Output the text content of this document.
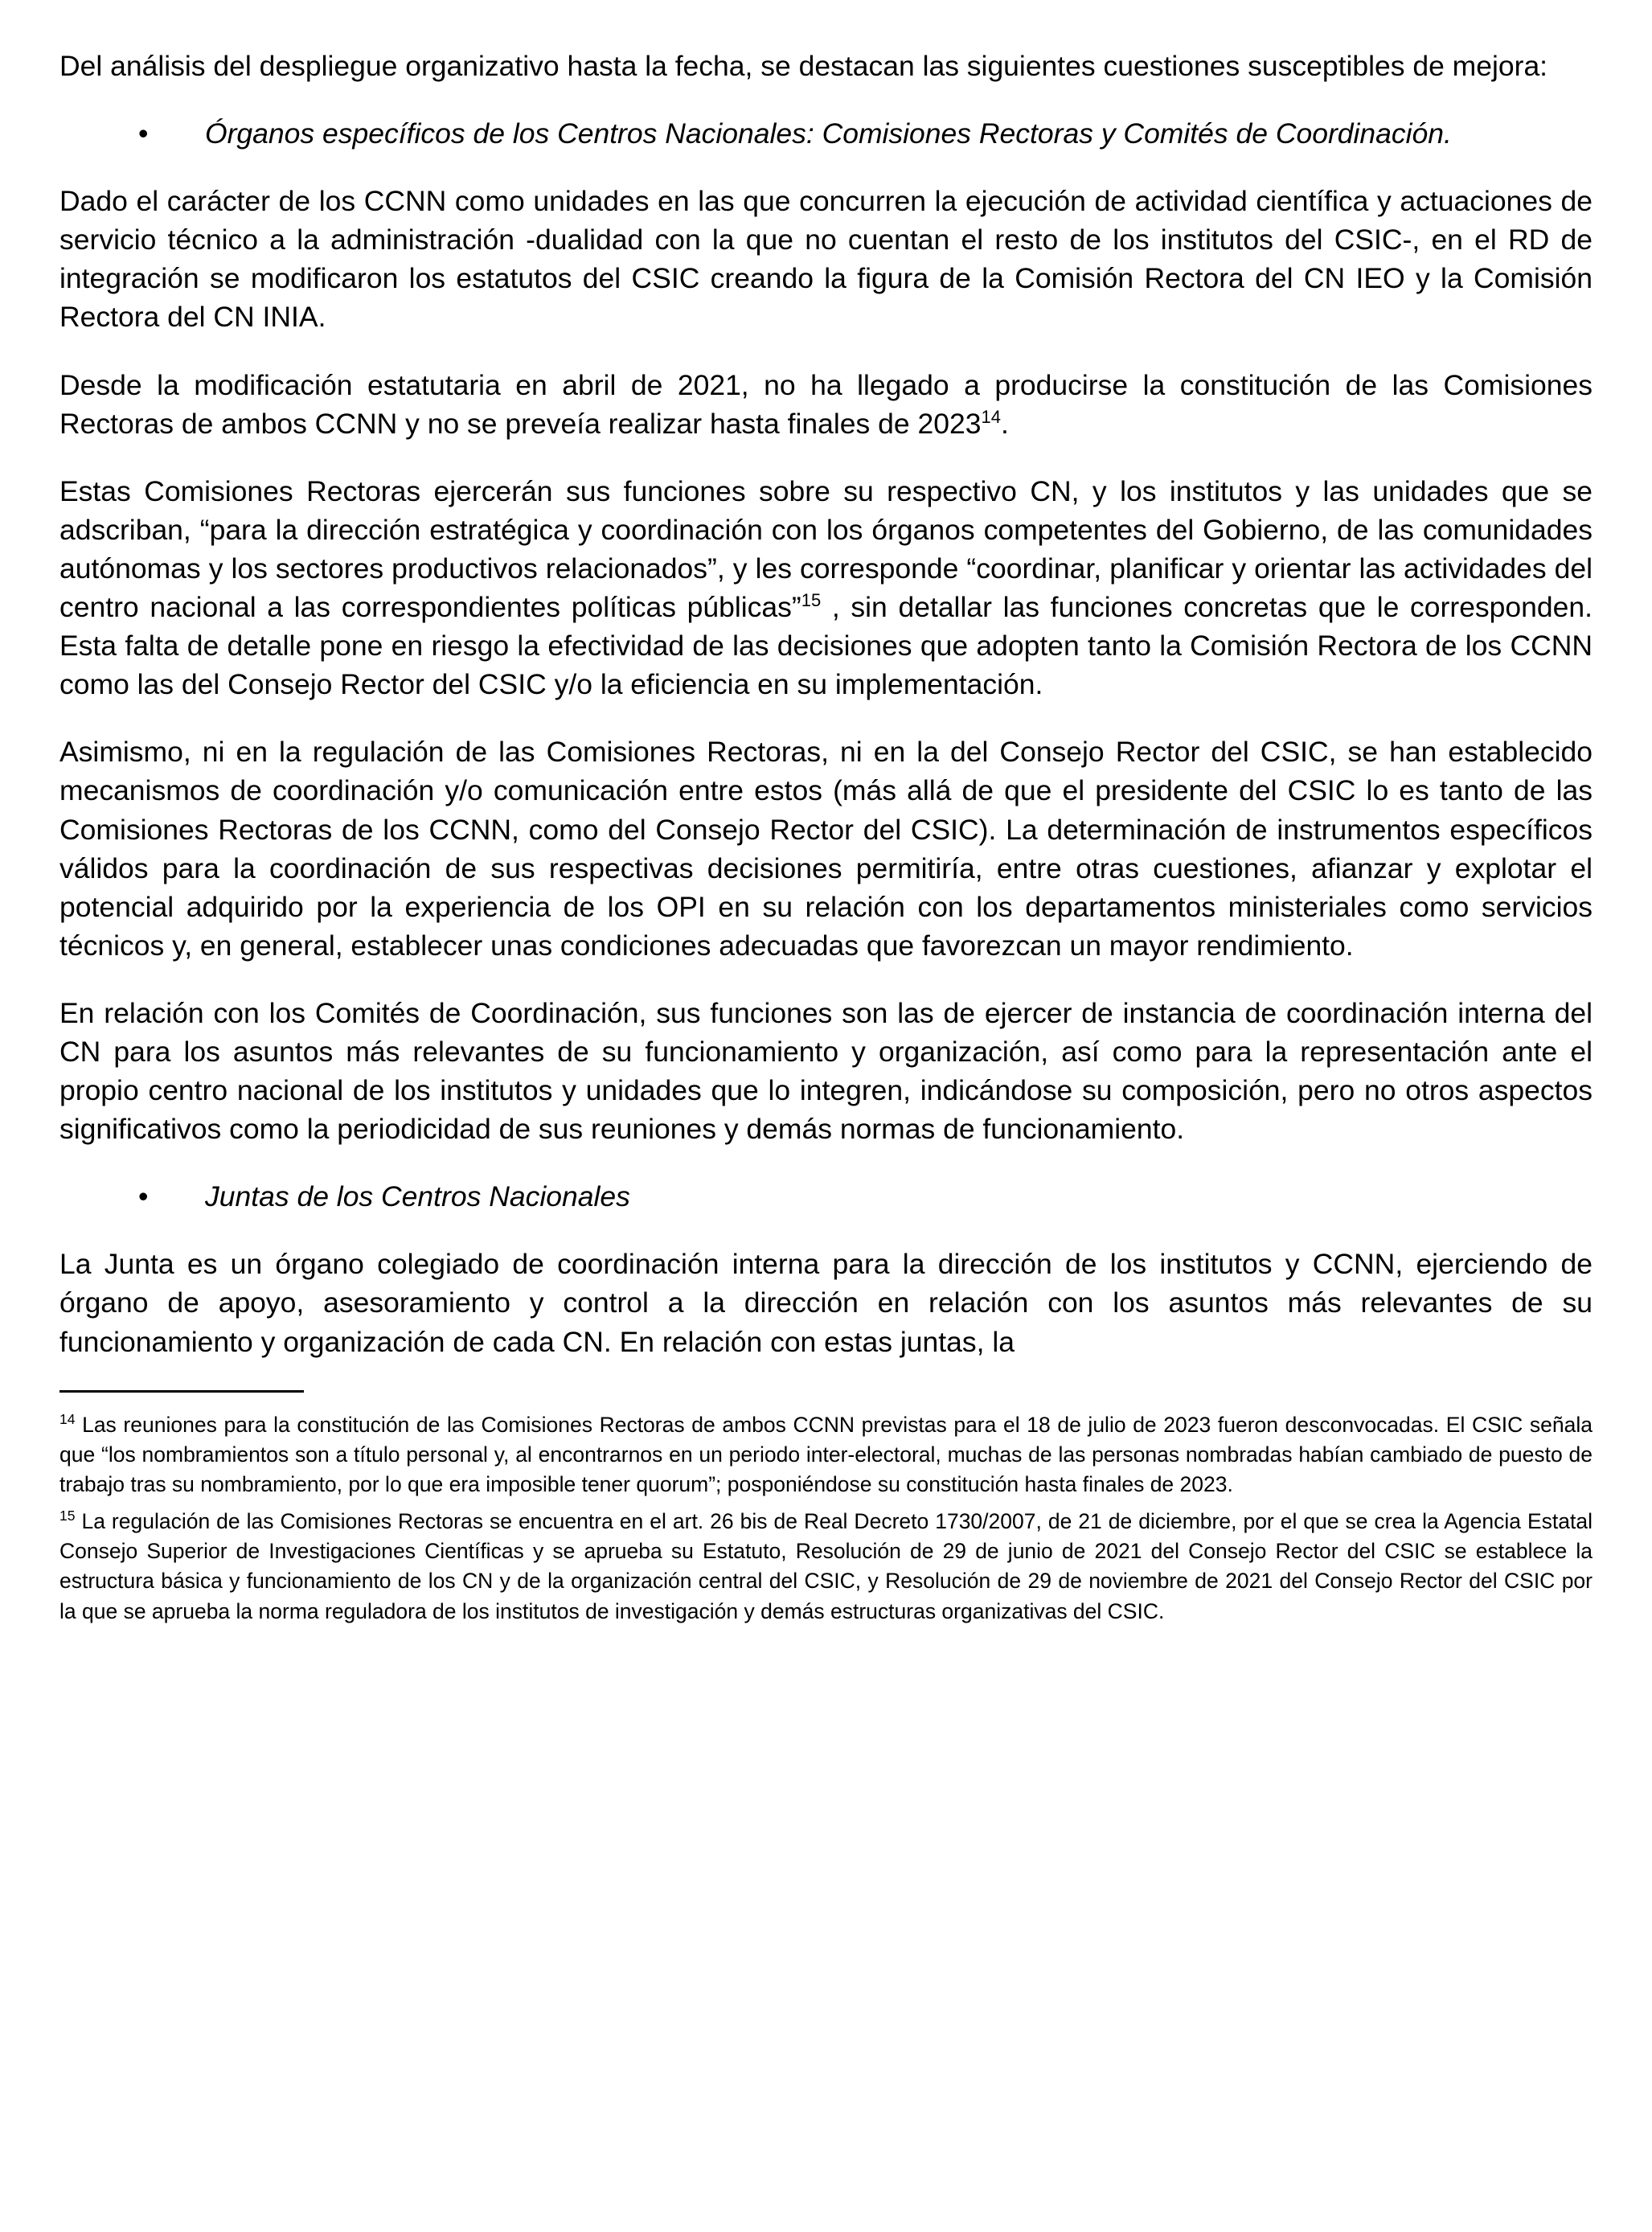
Del análisis del despliegue organizativo hasta la fecha, se destacan las siguientes cuestiones susceptibles de mejora:

• Órganos específicos de los Centros Nacionales: Comisiones Rectoras y Comités de Coordinación.

Dado el carácter de los CCNN como unidades en las que concurren la ejecución de actividad científica y actuaciones de servicio técnico a la administración -dualidad con la que no cuentan el resto de los institutos del CSIC-, en el RD de integración se modificaron los estatutos del CSIC creando la figura de la Comisión Rectora del CN IEO y la Comisión Rectora del CN INIA.

Desde la modificación estatutaria en abril de 2021, no ha llegado a producirse la constitución de las Comisiones Rectoras de ambos CCNN y no se preveía realizar hasta finales de 2023$^{14}$.

Estas Comisiones Rectoras ejercerán sus funciones sobre su respectivo CN, y los institutos y las unidades que se adscriban, “para la dirección estratégica y coordinación con los órganos competentes del Gobierno, de las comunidades autónomas y los sectores productivos relacionados”, y les corresponde “coordinar, planificar y orientar las actividades del centro nacional a las correspondientes políticas públicas”$^{15}$ , sin detallar las funciones concretas que le corresponden. Esta falta de detalle pone en riesgo la efectividad de las decisiones que adopten tanto la Comisión Rectora de los CCNN como las del Consejo Rector del CSIC y/o la eficiencia en su implementación.

Asimismo, ni en la regulación de las Comisiones Rectoras, ni en la del Consejo Rector del CSIC, se han establecido mecanismos de coordinación y/o comunicación entre estos (más allá de que el presidente del CSIC lo es tanto de las Comisiones Rectoras de los CCNN, como del Consejo Rector del CSIC). La determinación de instrumentos específicos válidos para la coordinación de sus respectivas decisiones permitiría, entre otras cuestiones, afianzar y explotar el potencial adquirido por la experiencia de los OPI en su relación con los departamentos ministeriales como servicios técnicos y, en general, establecer unas condiciones adecuadas que favorezcan un mayor rendimiento.

En relación con los Comités de Coordinación, sus funciones son las de ejercer de instancia de coordinación interna del CN para los asuntos más relevantes de su funcionamiento y organización, así como para la representación ante el propio centro nacional de los institutos y unidades que lo integren, indicándose su composición, pero no otros aspectos significativos como la periodicidad de sus reuniones y demás normas de funcionamiento.

• Juntas de los Centros Nacionales

La Junta es un órgano colegiado de coordinación interna para la dirección de los institutos y CCNN, ejerciendo de órgano de apoyo, asesoramiento y control a la dirección en relación con los asuntos más relevantes de su funcionamiento y organización de cada CN. En relación con estas juntas, la

$^{14}$ Las reuniones para la constitución de las Comisiones Rectoras de ambos CCNN previstas para el 18 de julio de 2023 fueron desconvocadas. El CSIC señala que “los nombramientos son a título personal y, al encontrarnos en un periodo inter-electoral, muchas de las personas nombradas habían cambiado de puesto de trabajo tras su nombramiento, por lo que era imposible tener quorum”; posponiéndose su constitución hasta finales de 2023.

$^{15}$ La regulación de las Comisiones Rectoras se encuentra en el art. 26 bis de Real Decreto 1730/2007, de 21 de diciembre, por el que se crea la Agencia Estatal Consejo Superior de Investigaciones Científicas y se aprueba su Estatuto, Resolución de 29 de junio de 2021 del Consejo Rector del CSIC se establece la estructura básica y funcionamiento de los CN y de la organización central del CSIC, y Resolución de 29 de noviembre de 2021 del Consejo Rector del CSIC por la que se aprueba la norma reguladora de los institutos de investigación y demás estructuras organizativas del CSIC.
